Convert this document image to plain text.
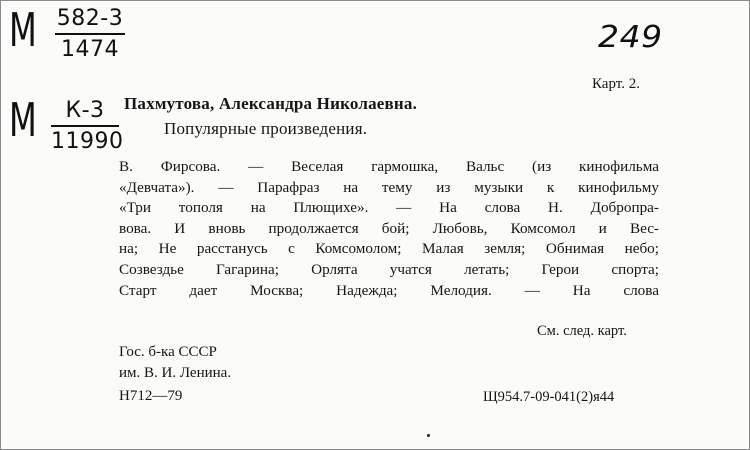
М 582-3
1474
М	К-3
11990
249
Карт. 2.
Пахмутова, Александра Николаевна.
Популярные произведения.
В. Фирсова. — Веселая гармошка, Вальс (из кинофильма
«Девчата»). — Парафраз на тему из музыки к кинофильму
«Три тополя на Плющихе». — На слова Н. Добропра-
вова. И вновь продолжается бой; Любовь, Комсомол и Вес-
на; Не расстанусь с Комсомолом; Малая земля; Обнимая небо;
Созвездье Гагарина; Орлята учатся летать; Герои спорта;
Старт дает Москва; Надежда; Мелодия. — На слова
См. след. карт.
Гос. б-ка СССР
им. В. И. Ленина.
Н712—79	Щ954.7-09-041(2)я44
